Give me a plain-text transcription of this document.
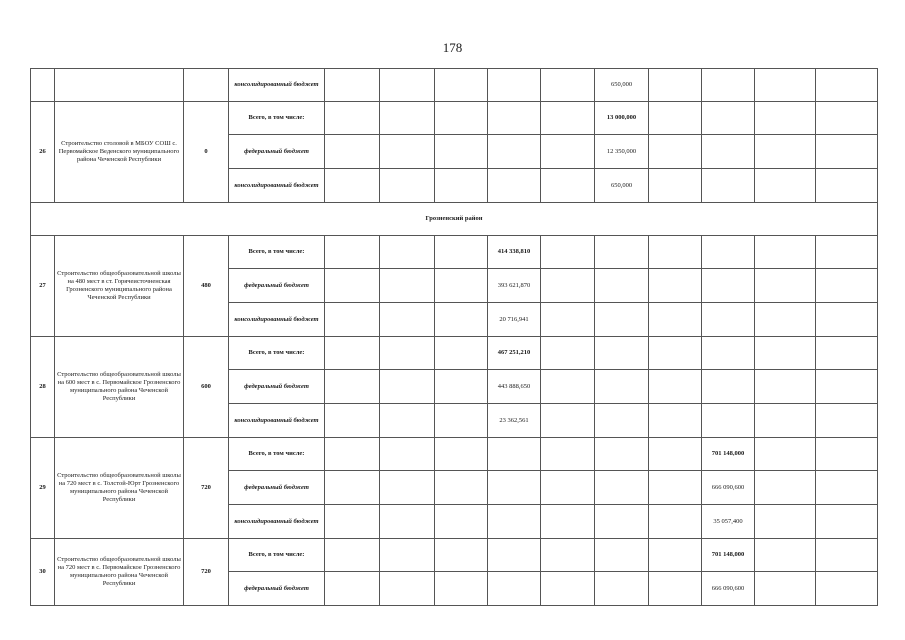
178
			консолидированный бюджет						650,000				
26	Строительство столовой в МБОУ СОШ с. Первомайское Веденского муниципального района Чеченской Республики	0	Всего, в том числе:						13 000,000				
			федеральный бюджет						12 350,000				
			консолидированный бюджет						650,000				
Грозненский район													
27	Строительство общеобразовательной школы на 480 мест в ст. Горячеисточненская Грозненского муниципального района Чеченской Республики	480	Всего, в том числе:				414 338,810						
			федеральный бюджет				393 621,870						
			консолидированный бюджет				20 716,941						
28	Строительство общеобразовательной школы на 600 мест в с. Первомайское Грозненского муниципального района Чеченской Республики	600	Всего, в том числе:				467 251,210						
			федеральный бюджет				443 888,650						
			консолидированный бюджет				23 362,561						
29	Строительство общеобразовательной школы на 720 мест в с. Толстой-Юрт Грозненского муниципального района Чеченской Республики	720	Всего, в том числе:								701 148,000		
			федеральный бюджет								666 090,600		
			консолидированный бюджет								35 057,400		
30	Строительство общеобразовательной школы на 720 мест в с. Первомайское Грозненского муниципального района Чеченской Республики	720	Всего, в том числе:								701 148,000		
			федеральный бюджет								666 090,600		
